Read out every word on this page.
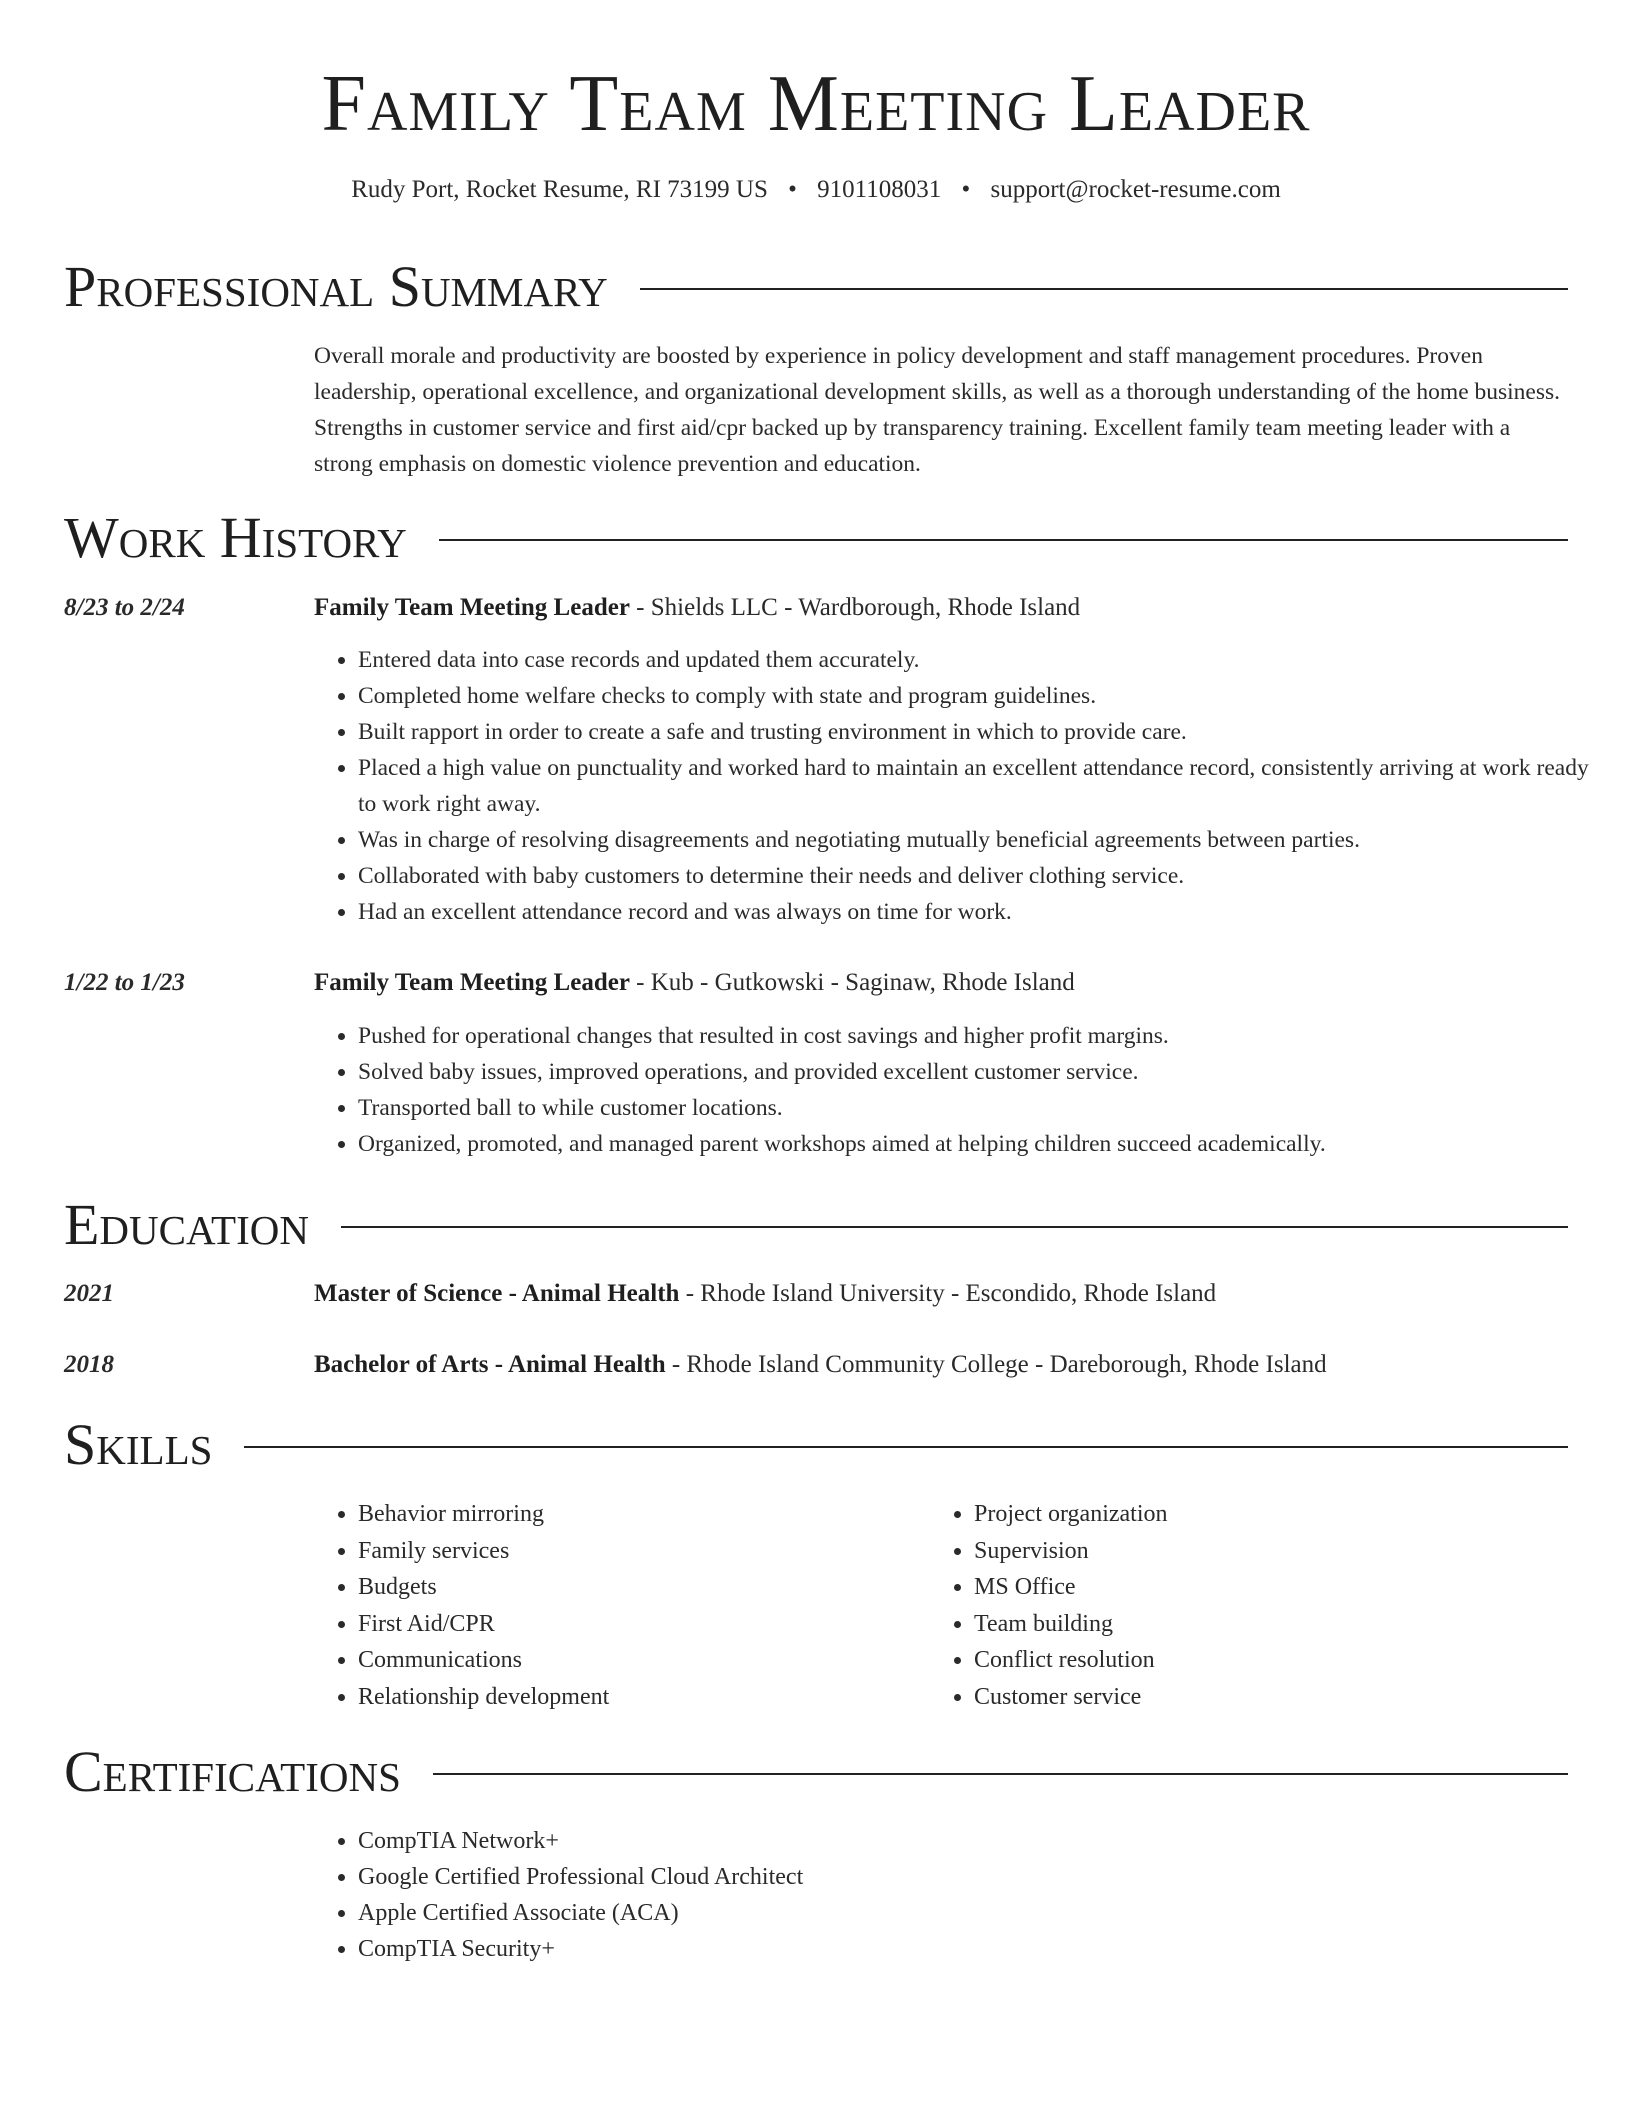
Family Team Meeting Leader
Rudy Port, Rocket Resume, RI 73199 US • 9101108031 • support@rocket-resume.com
Professional Summary
Overall morale and productivity are boosted by experience in policy development and staff management procedures. Proven leadership, operational excellence, and organizational development skills, as well as a thorough understanding of the home business. Strengths in customer service and first aid/cpr backed up by transparency training. Excellent family team meeting leader with a strong emphasis on domestic violence prevention and education.
Work History
8/23 to 2/24	Family Team Meeting Leader - Shields LLC - Wardborough, Rhode Island
• Entered data into case records and updated them accurately.
• Completed home welfare checks to comply with state and program guidelines.
• Built rapport in order to create a safe and trusting environment in which to provide care.
• Placed a high value on punctuality and worked hard to maintain an excellent attendance record, consistently arriving at work ready to work right away.
• Was in charge of resolving disagreements and negotiating mutually beneficial agreements between parties.
• Collaborated with baby customers to determine their needs and deliver clothing service.
• Had an excellent attendance record and was always on time for work.
1/22 to 1/23	Family Team Meeting Leader - Kub - Gutkowski - Saginaw, Rhode Island
• Pushed for operational changes that resulted in cost savings and higher profit margins.
• Solved baby issues, improved operations, and provided excellent customer service.
• Transported ball to while customer locations.
• Organized, promoted, and managed parent workshops aimed at helping children succeed academically.
Education
2021	Master of Science - Animal Health - Rhode Island University - Escondido, Rhode Island
2018	Bachelor of Arts - Animal Health - Rhode Island Community College - Dareborough, Rhode Island
Skills
• Behavior mirroring
• Family services
• Budgets
• First Aid/CPR
• Communications
• Relationship development
• Project organization
• Supervision
• MS Office
• Team building
• Conflict resolution
• Customer service
Certifications
• CompTIA Network+
• Google Certified Professional Cloud Architect
• Apple Certified Associate (ACA)
• CompTIA Security+
